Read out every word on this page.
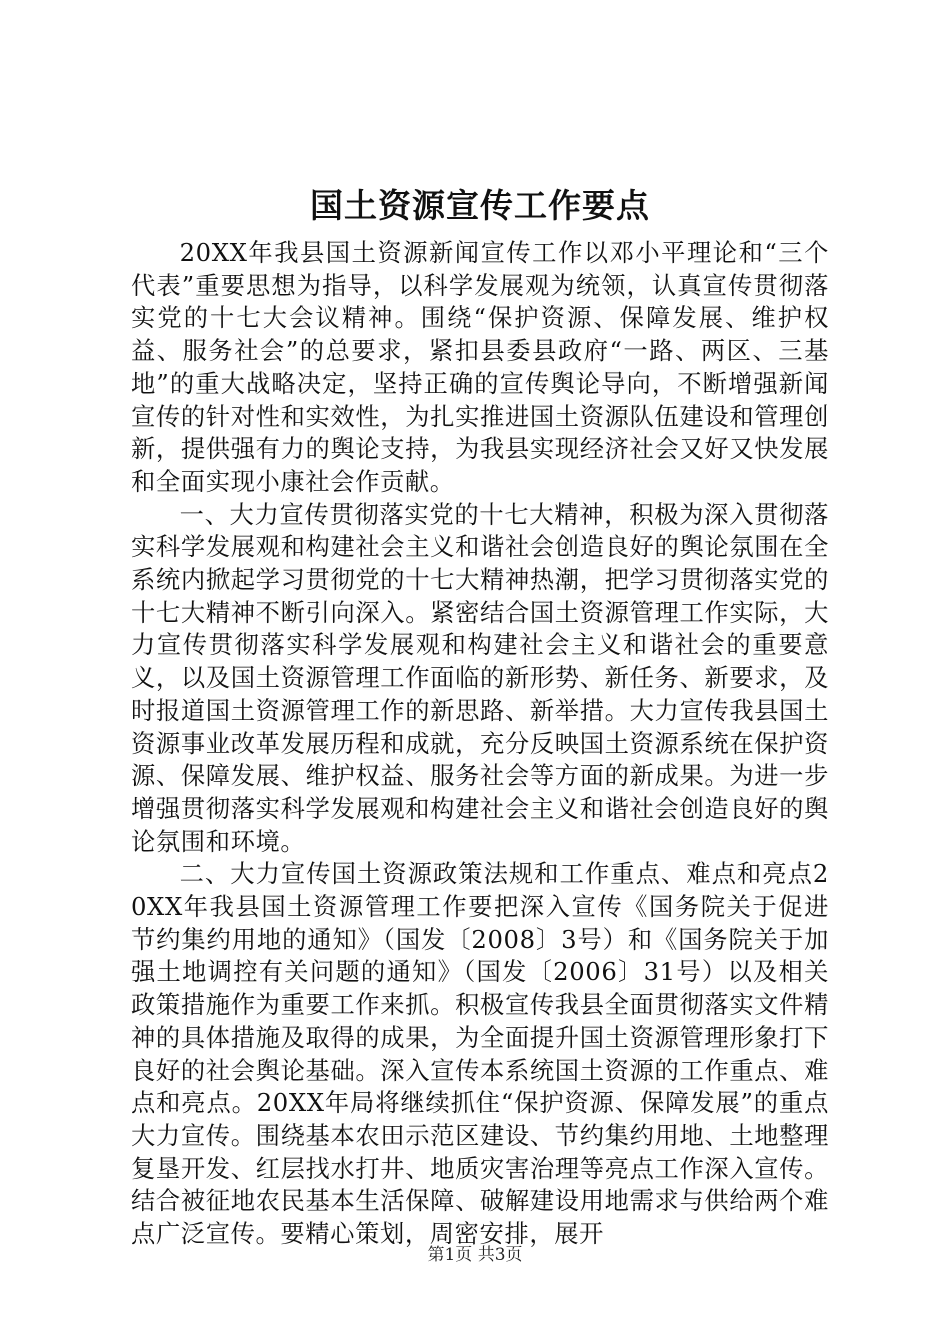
国土资源宣传工作要点

20XX年我县国土资源新闻宣传工作以邓小平理论和“三个代表”重要思想为指导，以科学发展观为统领，认真宣传贯彻落实党的十七大会议精神。围绕“保护资源、保障发展、维护权益、服务社会”的总要求，紧扣县委县政府“一路、两区、三基地”的重大战略决定，坚持正确的宣传舆论导向，不断增强新闻宣传的针对性和实效性，为扎实推进国土资源队伍建设和管理创新，提供强有力的舆论支持，为我县实现经济社会又好又快发展和全面实现小康社会作贡献。

一、大力宣传贯彻落实党的十七大精神，积极为深入贯彻落实科学发展观和构建社会主义和谐社会创造良好的舆论氛围在全系统内掀起学习贯彻党的十七大精神热潮，把学习贯彻落实党的十七大精神不断引向深入。紧密结合国土资源管理工作实际，大力宣传贯彻落实科学发展观和构建社会主义和谐社会的重要意义，以及国土资源管理工作面临的新形势、新任务、新要求，及时报道国土资源管理工作的新思路、新举措。大力宣传我县国土资源事业改革发展历程和成就，充分反映国土资源系统在保护资源、保障发展、维护权益、服务社会等方面的新成果。为进一步增强贯彻落实科学发展观和构建社会主义和谐社会创造良好的舆论氛围和环境。

二、大力宣传国土资源政策法规和工作重点、难点和亮点20XX年我县国土资源管理工作要把深入宣传《国务院关于促进节约集约用地的通知》（国发〔2008〕3号）和《国务院关于加强土地调控有关问题的通知》（国发〔2006〕31号）以及相关政策措施作为重要工作来抓。积极宣传我县全面贯彻落实文件精神的具体措施及取得的成果，为全面提升国土资源管理形象打下良好的社会舆论基础。深入宣传本系统国土资源的工作重点、难点和亮点。20XX年局将继续抓住“保护资源、保障发展”的重点大力宣传。围绕基本农田示范区建设、节约集约用地、土地整理复垦开发、红层找水打井、地质灾害治理等亮点工作深入宣传。结合被征地农民基本生活保障、破解建设用地需求与供给两个难点广泛宣传。要精心策划，周密安排，展开

第1页 共3页
